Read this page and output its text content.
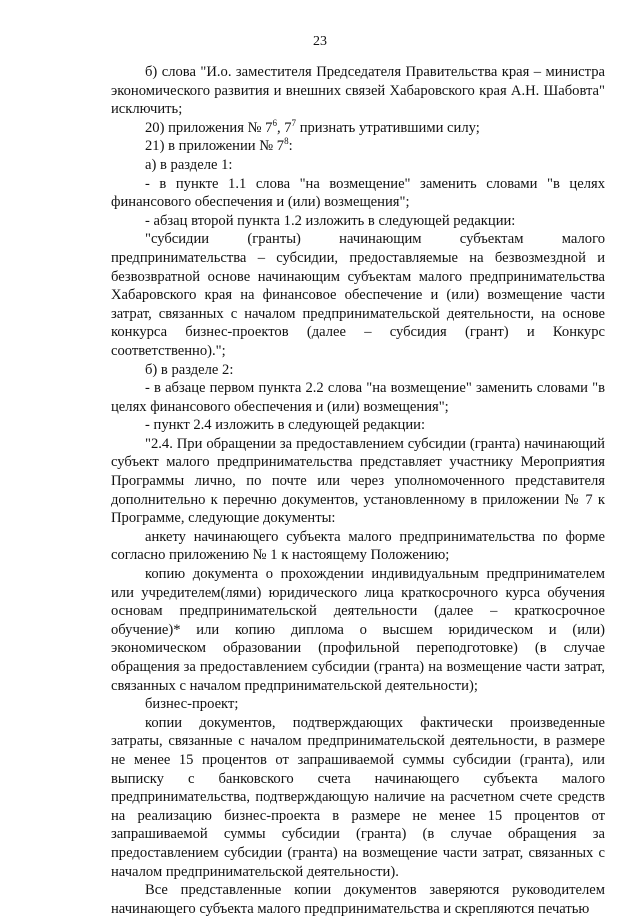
23

б) слова "И.о. заместителя Председателя Правительства края – министра экономического развития и внешних связей Хабаровского края А.Н. Шабовта" исключить;

20) приложения № $7^6$, $7^7$ признать утратившими силу;

21) в приложении № $7^8$:

а) в разделе 1:

- в пункте 1.1 слова "на возмещение" заменить словами "в целях финансового обеспечения и (или) возмещения";

- абзац второй пункта 1.2 изложить в следующей редакции:

"субсидии (гранты) начинающим субъектам малого предпринимательства – субсидии, предоставляемые на безвозмездной и безвозвратной основе начинающим субъектам малого предпринимательства Хабаровского края на финансовое обеспечение и (или) возмещение части затрат, связанных с началом предпринимательской деятельности, на основе конкурса бизнес-проектов (далее – субсидия (грант) и Конкурс соответственно).";

б) в разделе 2:

- в абзаце первом пункта 2.2 слова "на возмещение" заменить словами "в целях финансового обеспечения и (или) возмещения";

- пункт 2.4 изложить в следующей редакции:

"2.4. При обращении за предоставлением субсидии (гранта) начинающий субъект малого предпринимательства представляет участнику Мероприятия Программы лично, по почте или через уполномоченного представителя дополнительно к перечню документов, установленному в приложении № 7 к Программе, следующие документы:

анкету начинающего субъекта малого предпринимательства по форме согласно приложению № 1 к настоящему Положению;

копию документа о прохождении индивидуальным предпринимателем или учредителем(лями) юридического лица краткосрочного курса обучения основам предпринимательской деятельности (далее – краткосрочное обучение)* или копию диплома о высшем юридическом и (или) экономическом образовании (профильной переподготовке) (в случае обращения за предоставлением субсидии (гранта) на возмещение части затрат, связанных с началом предпринимательской деятельности);

бизнес-проект;

копии документов, подтверждающих фактически произведенные затраты, связанные с началом предпринимательской деятельности, в размере не менее 15 процентов от запрашиваемой суммы субсидии (гранта), или выписку с банковского счета начинающего субъекта малого предпринимательства, подтверждающую наличие на расчетном счете средств на реализацию бизнес-проекта в размере не менее 15 процентов от запрашиваемой суммы субсидии (гранта) (в случае обращения за предоставлением субсидии (гранта) на возмещение части затрат, связанных с началом предпринимательской деятельности).

Все представленные копии документов заверяются руководителем начинающего субъекта малого предпринимательства и скрепляются печатью
